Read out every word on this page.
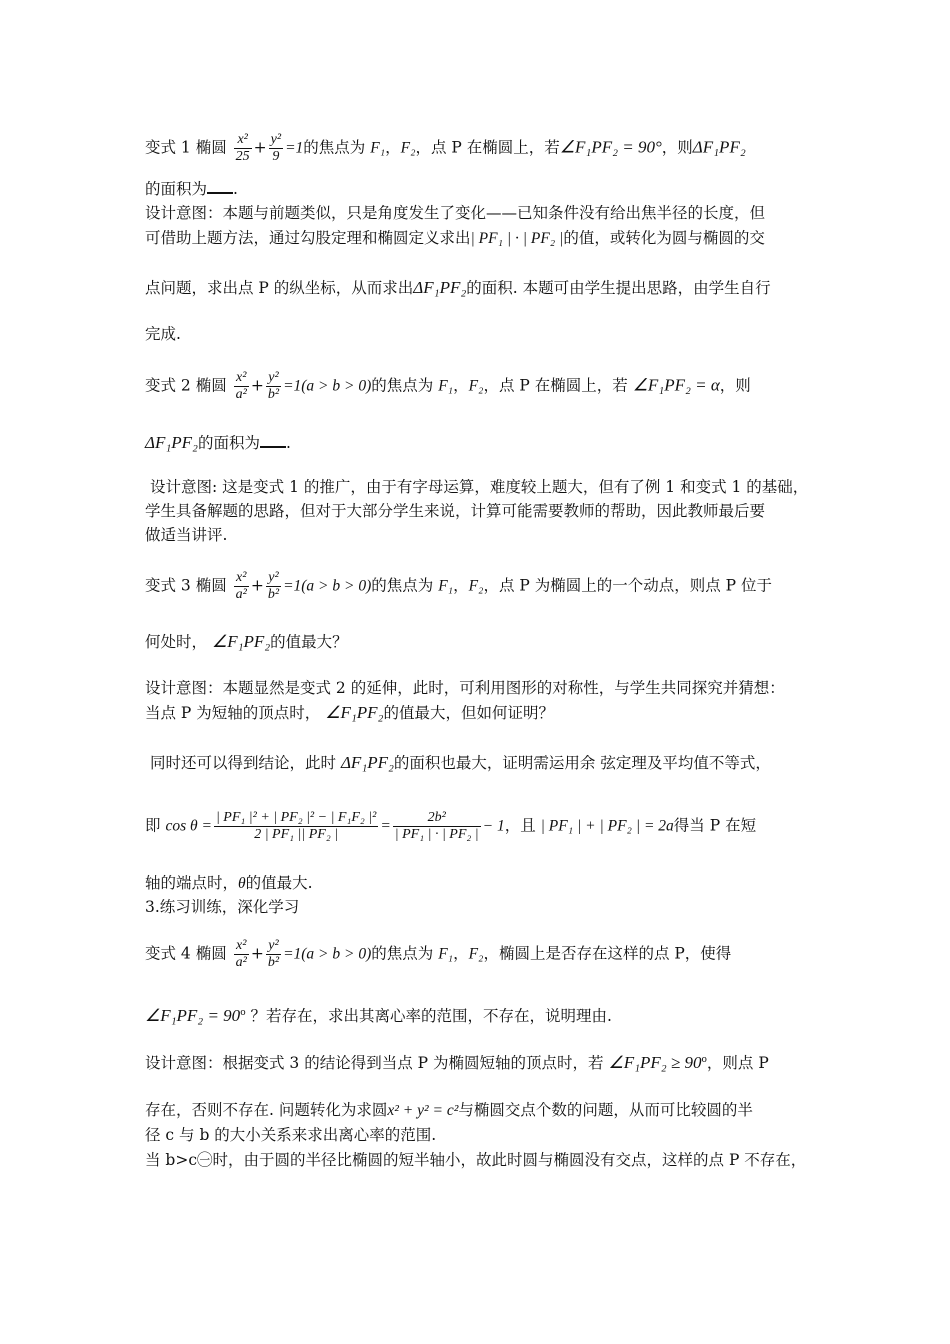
变式 1 椭圆 $\frac{\text{x²}}{25} + \frac{\text{y²}}{9} =1$的焦点为 F₁，F₂，点 P 在椭圆上，若∠F₁PF₂ = 90°，则ΔF₁PF₂
的面积为 .
设计意图：本题与前题类似，只是角度发生了变化——已知条件没有给出焦半径的长度，但
可借助上题方法，通过勾股定理和椭圆定义求出| PF₁ | · | PF₂ |的值，或转化为圆与椭圆的交
点问题，求出点 P 的纵坐标，从而求出ΔF₁PF₂的面积. 本题可由学生提出思路，由学生自行
完成.
变式 2 椭圆 $\frac{\text{x²}}{\text{a²}} + \frac{\text{y²}}{\text{b²}} =1(a > b > 0)$的焦点为 F₁，F₂，点 P 在椭圆上，若 ∠F₁PF₂ = α，则
ΔF₁PF₂的面积为 .
设计意图: 这是变式 1 的推广，由于有字母运算，难度较上题大，但有了例 1 和变式 1 的基础，
学生具备解题的思路，但对于大部分学生来说，计算可能需要教师的帮助，因此教师最后要
做适当讲评.
变式 3 椭圆 $\frac{\text{x²}}{\text{a²}} + \frac{\text{y²}}{\text{b²}} =1(a > b > 0)$的焦点为 F₁，F₂，点 P 为椭圆上的一个动点，则点 P 位于
何处时， ∠F₁PF₂的值最大？
设计意图：本题显然是变式 2 的延伸，此时，可利用图形的对称性，与学生共同探究并猜想：
当点 P 为短轴的顶点时， ∠F₁PF₂的值最大，但如何证明？
同时还可以得到结论，此时 ΔF₁PF₂的面积也最大，证明需运用余 弦定理及平均值不等式，
即 $\cos \theta = \frac{\text{| PF₁ |² + | PF₂ |² − | F₁F₂ |²}}{\text{2 | PF₁ || PF₂ |}} = \frac{\text{2b²}}{\text{| PF₁ | · | PF₂ |}} - 1$，且 | PF₁ | + | PF₂ | = 2a得当 P 在短
轴的端点时，θ的值最大.
3.练习训练，深化学习
变式 4 椭圆 $\frac{\text{x²}}{\text{a²}} + \frac{\text{y²}}{\text{b²}} =1(a > b > 0)$的焦点为 F₁，F₂，椭圆上是否存在这样的点 P，使得
∠F₁PF₂ = $90^o$ ？若存在，求出其离心率的范围，不存在，说明理由.
设计意图：根据变式 3 的结论得到当点 P 为椭圆短轴的顶点时，若 ∠F₁PF₂ ≥ $90^o$，则点 P
存在，否则不存在. 问题转化为求圆x² + y² = c²与椭圆交点个数的问题，从而可比较圆的半
径 c 与 b 的大小关系来求出离心率的范围.
当 b>c㊀时，由于圆的半径比椭圆的短半轴小，故此时圆与椭圆没有交点，这样的点 P 不存在，
